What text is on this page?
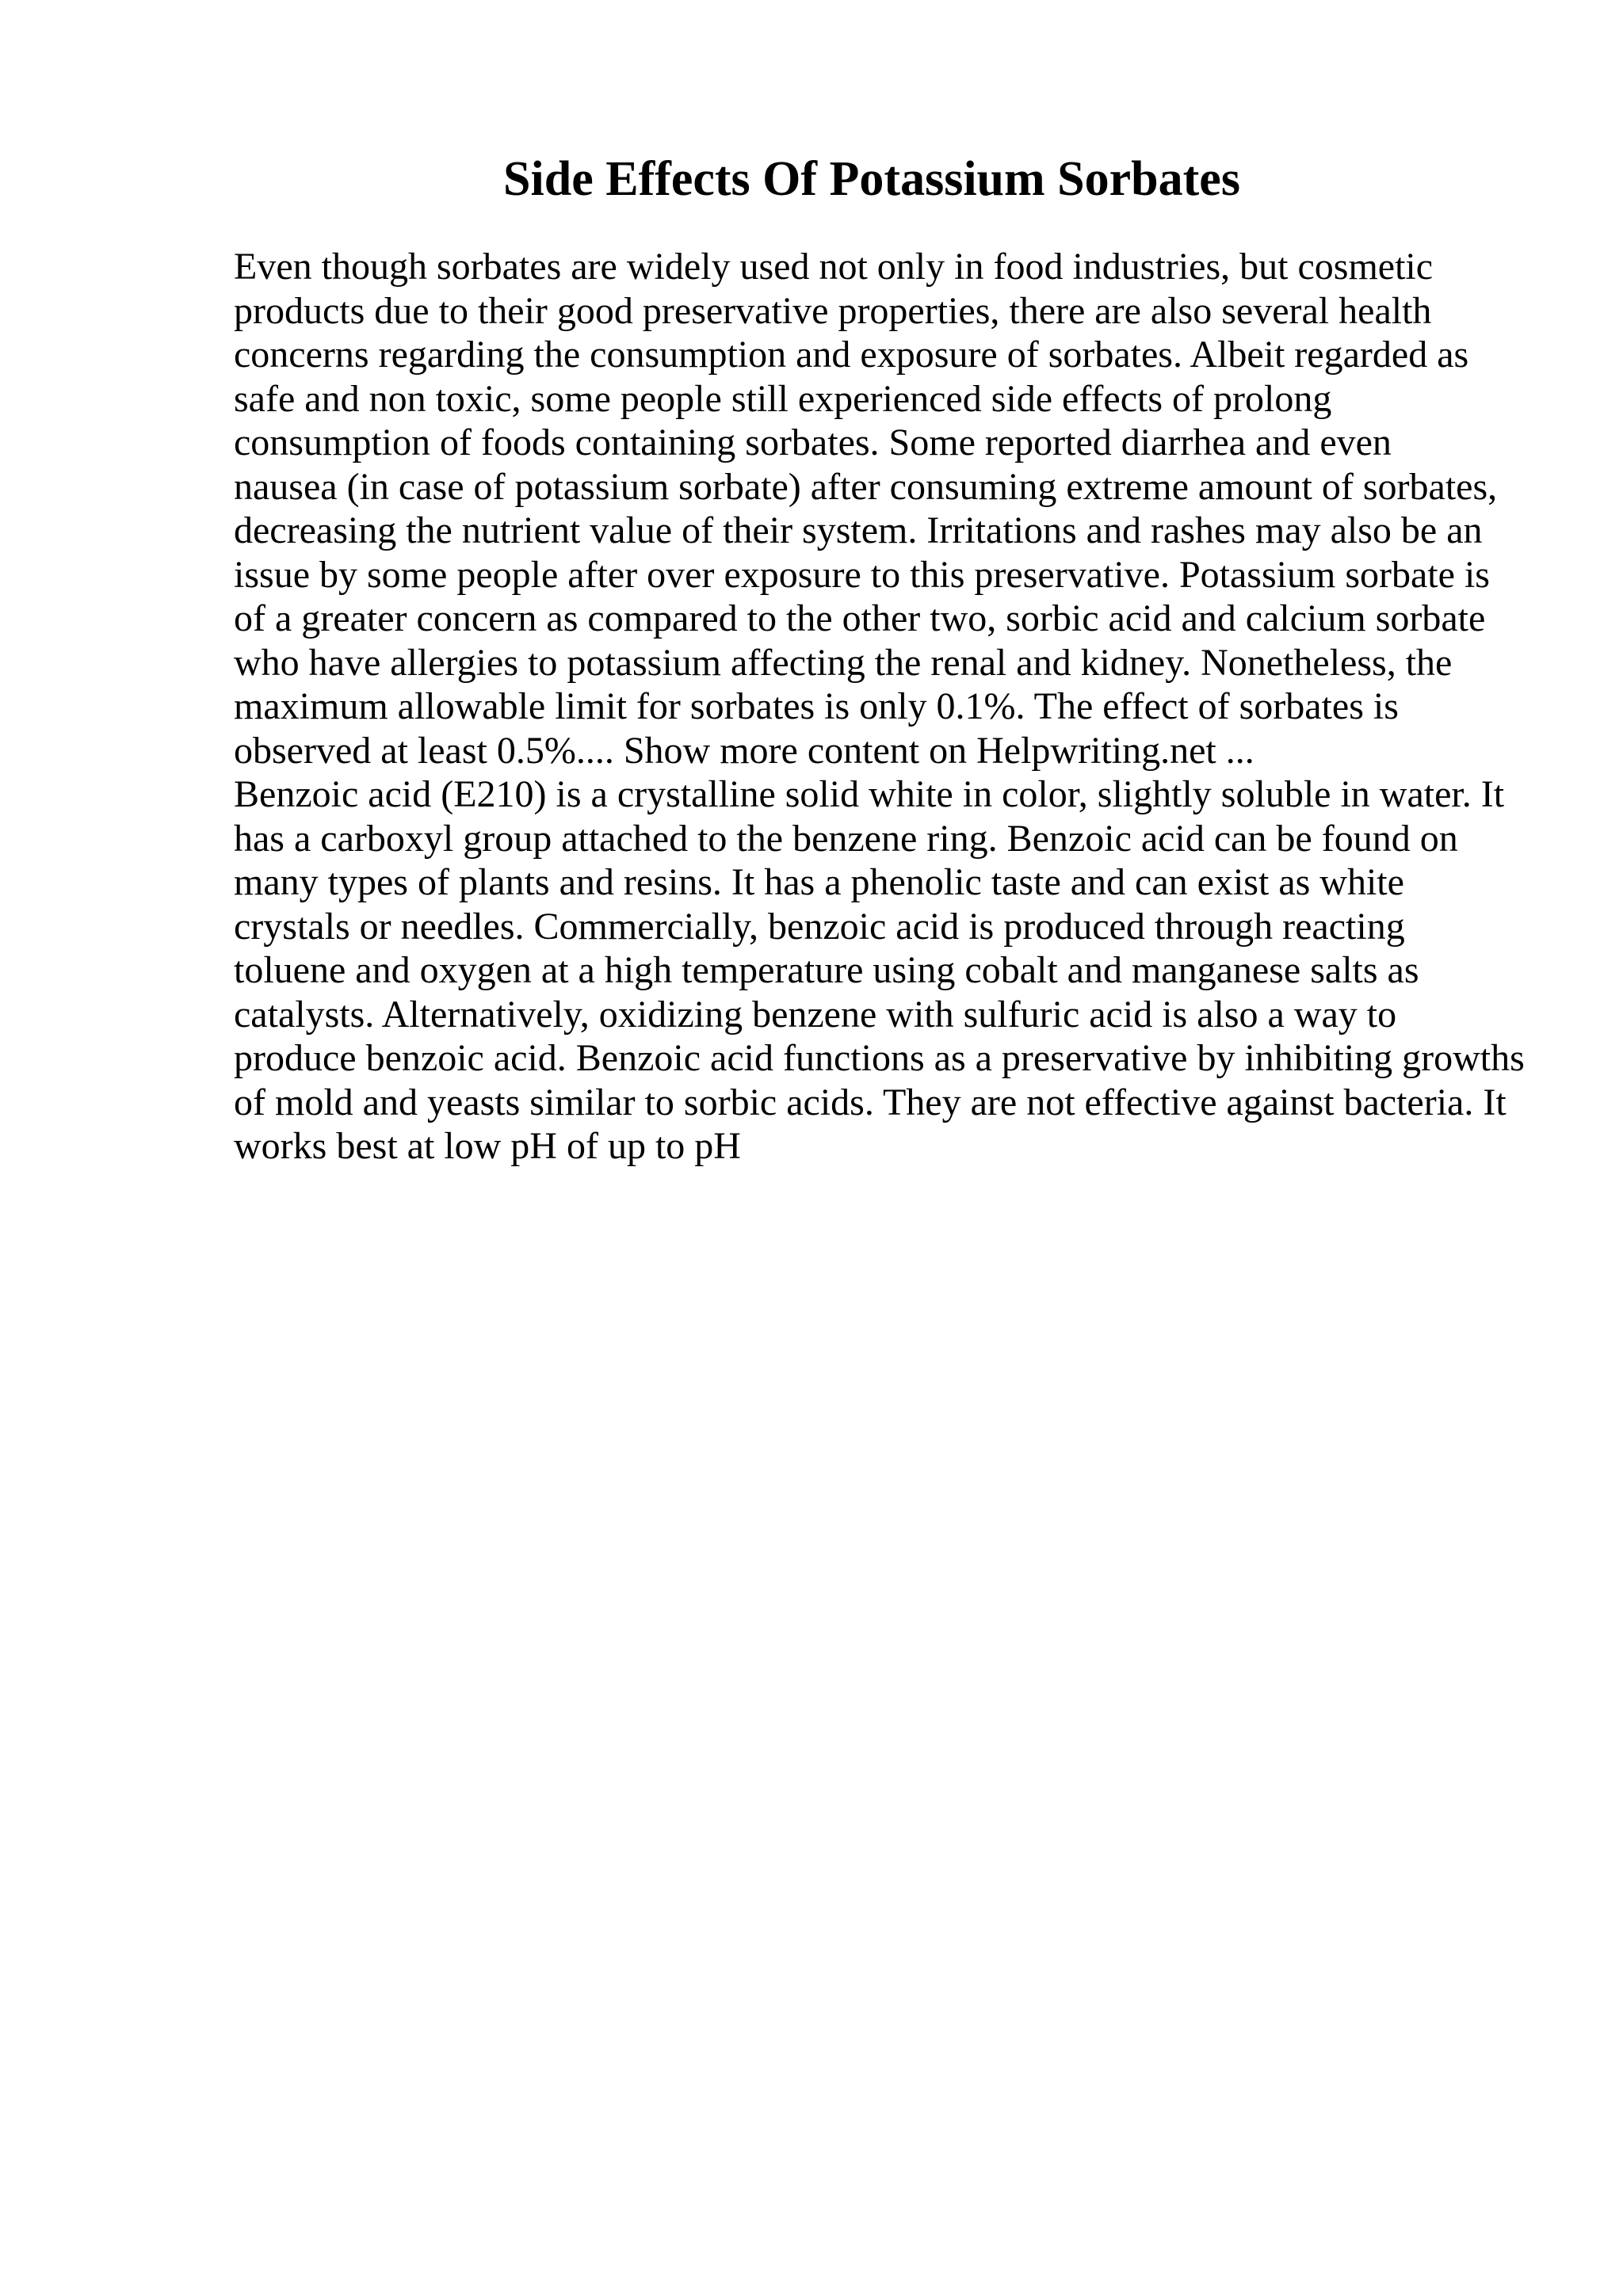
Side Effects Of Potassium Sorbates
Even though sorbates are widely used not only in food industries, but cosmetic
products due to their good preservative properties, there are also several health
concerns regarding the consumption and exposure of sorbates. Albeit regarded as
safe and non toxic, some people still experienced side effects of prolong
consumption of foods containing sorbates. Some reported diarrhea and even
nausea (in case of potassium sorbate) after consuming extreme amount of sorbates,
decreasing the nutrient value of their system. Irritations and rashes may also be an
issue by some people after over exposure to this preservative. Potassium sorbate is
of a greater concern as compared to the other two, sorbic acid and calcium sorbate
who have allergies to potassium affecting the renal and kidney. Nonetheless, the
maximum allowable limit for sorbates is only 0.1%. The effect of sorbates is
observed at least 0.5%.... Show more content on Helpwriting.net ...
Benzoic acid (E210) is a crystalline solid white in color, slightly soluble in water. It
has a carboxyl group attached to the benzene ring. Benzoic acid can be found on
many types of plants and resins. It has a phenolic taste and can exist as white
crystals or needles. Commercially, benzoic acid is produced through reacting
toluene and oxygen at a high temperature using cobalt and manganese salts as
catalysts. Alternatively, oxidizing benzene with sulfuric acid is also a way to
produce benzoic acid. Benzoic acid functions as a preservative by inhibiting growths
of mold and yeasts similar to sorbic acids. They are not effective against bacteria. It
works best at low pH of up to pH
